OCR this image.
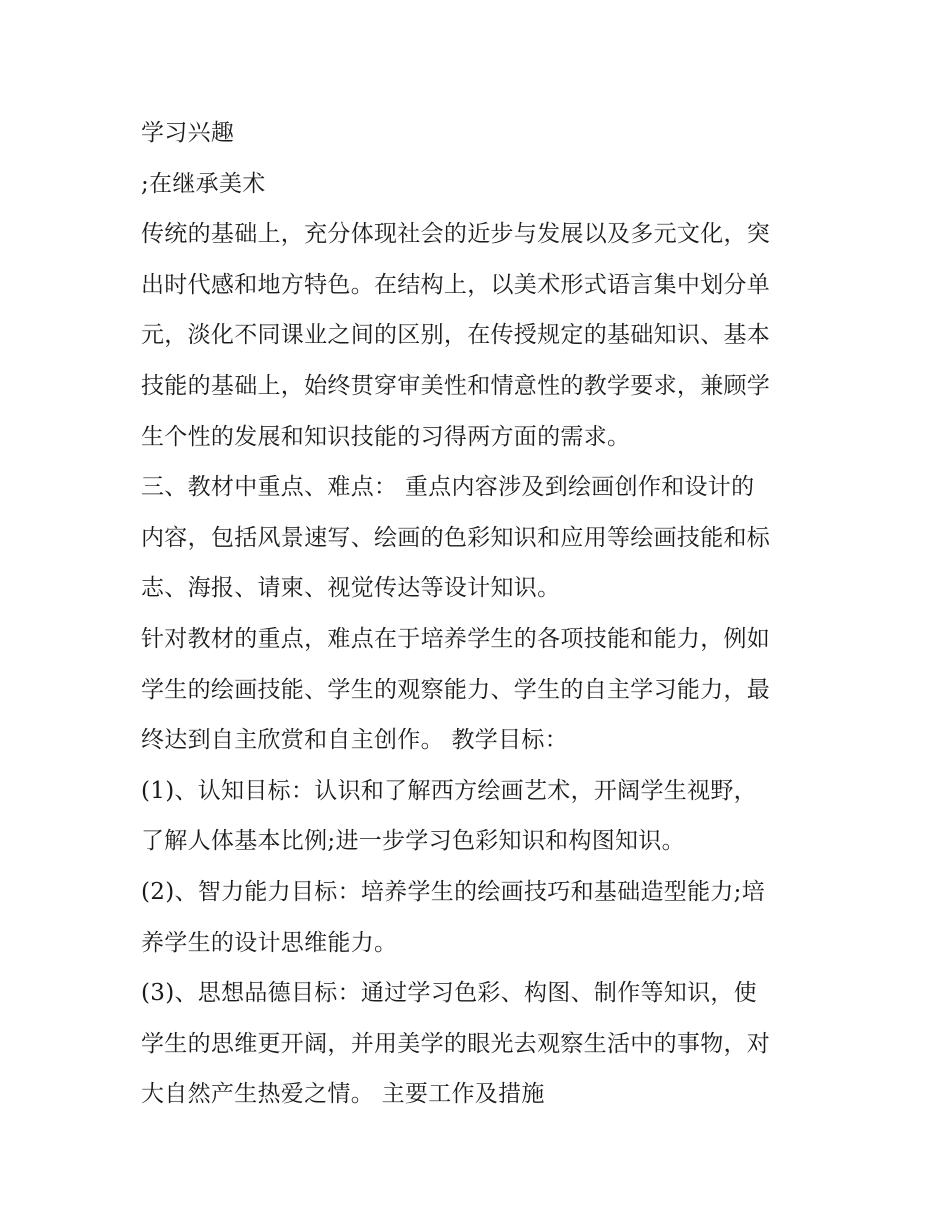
学习兴趣
;在继承美术
传统的基础上，充分体现社会的近步与发展以及多元文化，突
出时代感和地方特色。在结构上，以美术形式语言集中划分单
元，淡化不同课业之间的区别，在传授规定的基础知识、基本
技能的基础上，始终贯穿审美性和情意性的教学要求，兼顾学
生个性的发展和知识技能的习得两方面的需求。
三、教材中重点、难点： 重点内容涉及到绘画创作和设计的
内容，包括风景速写、绘画的色彩知识和应用等绘画技能和标
志、海报、请柬、视觉传达等设计知识。
针对教材的重点，难点在于培养学生的各项技能和能力，例如
学生的绘画技能、学生的观察能力、学生的自主学习能力，最
终达到自主欣赏和自主创作。 教学目标：
(1)、认知目标：认识和了解西方绘画艺术，开阔学生视野，
了解人体基本比例;进一步学习色彩知识和构图知识。
(2)、智力能力目标：培养学生的绘画技巧和基础造型能力;培
养学生的设计思维能力。
(3)、思想品德目标：通过学习色彩、构图、制作等知识，使
学生的思维更开阔，并用美学的眼光去观察生活中的事物，对
大自然产生热爱之情。 主要工作及措施
